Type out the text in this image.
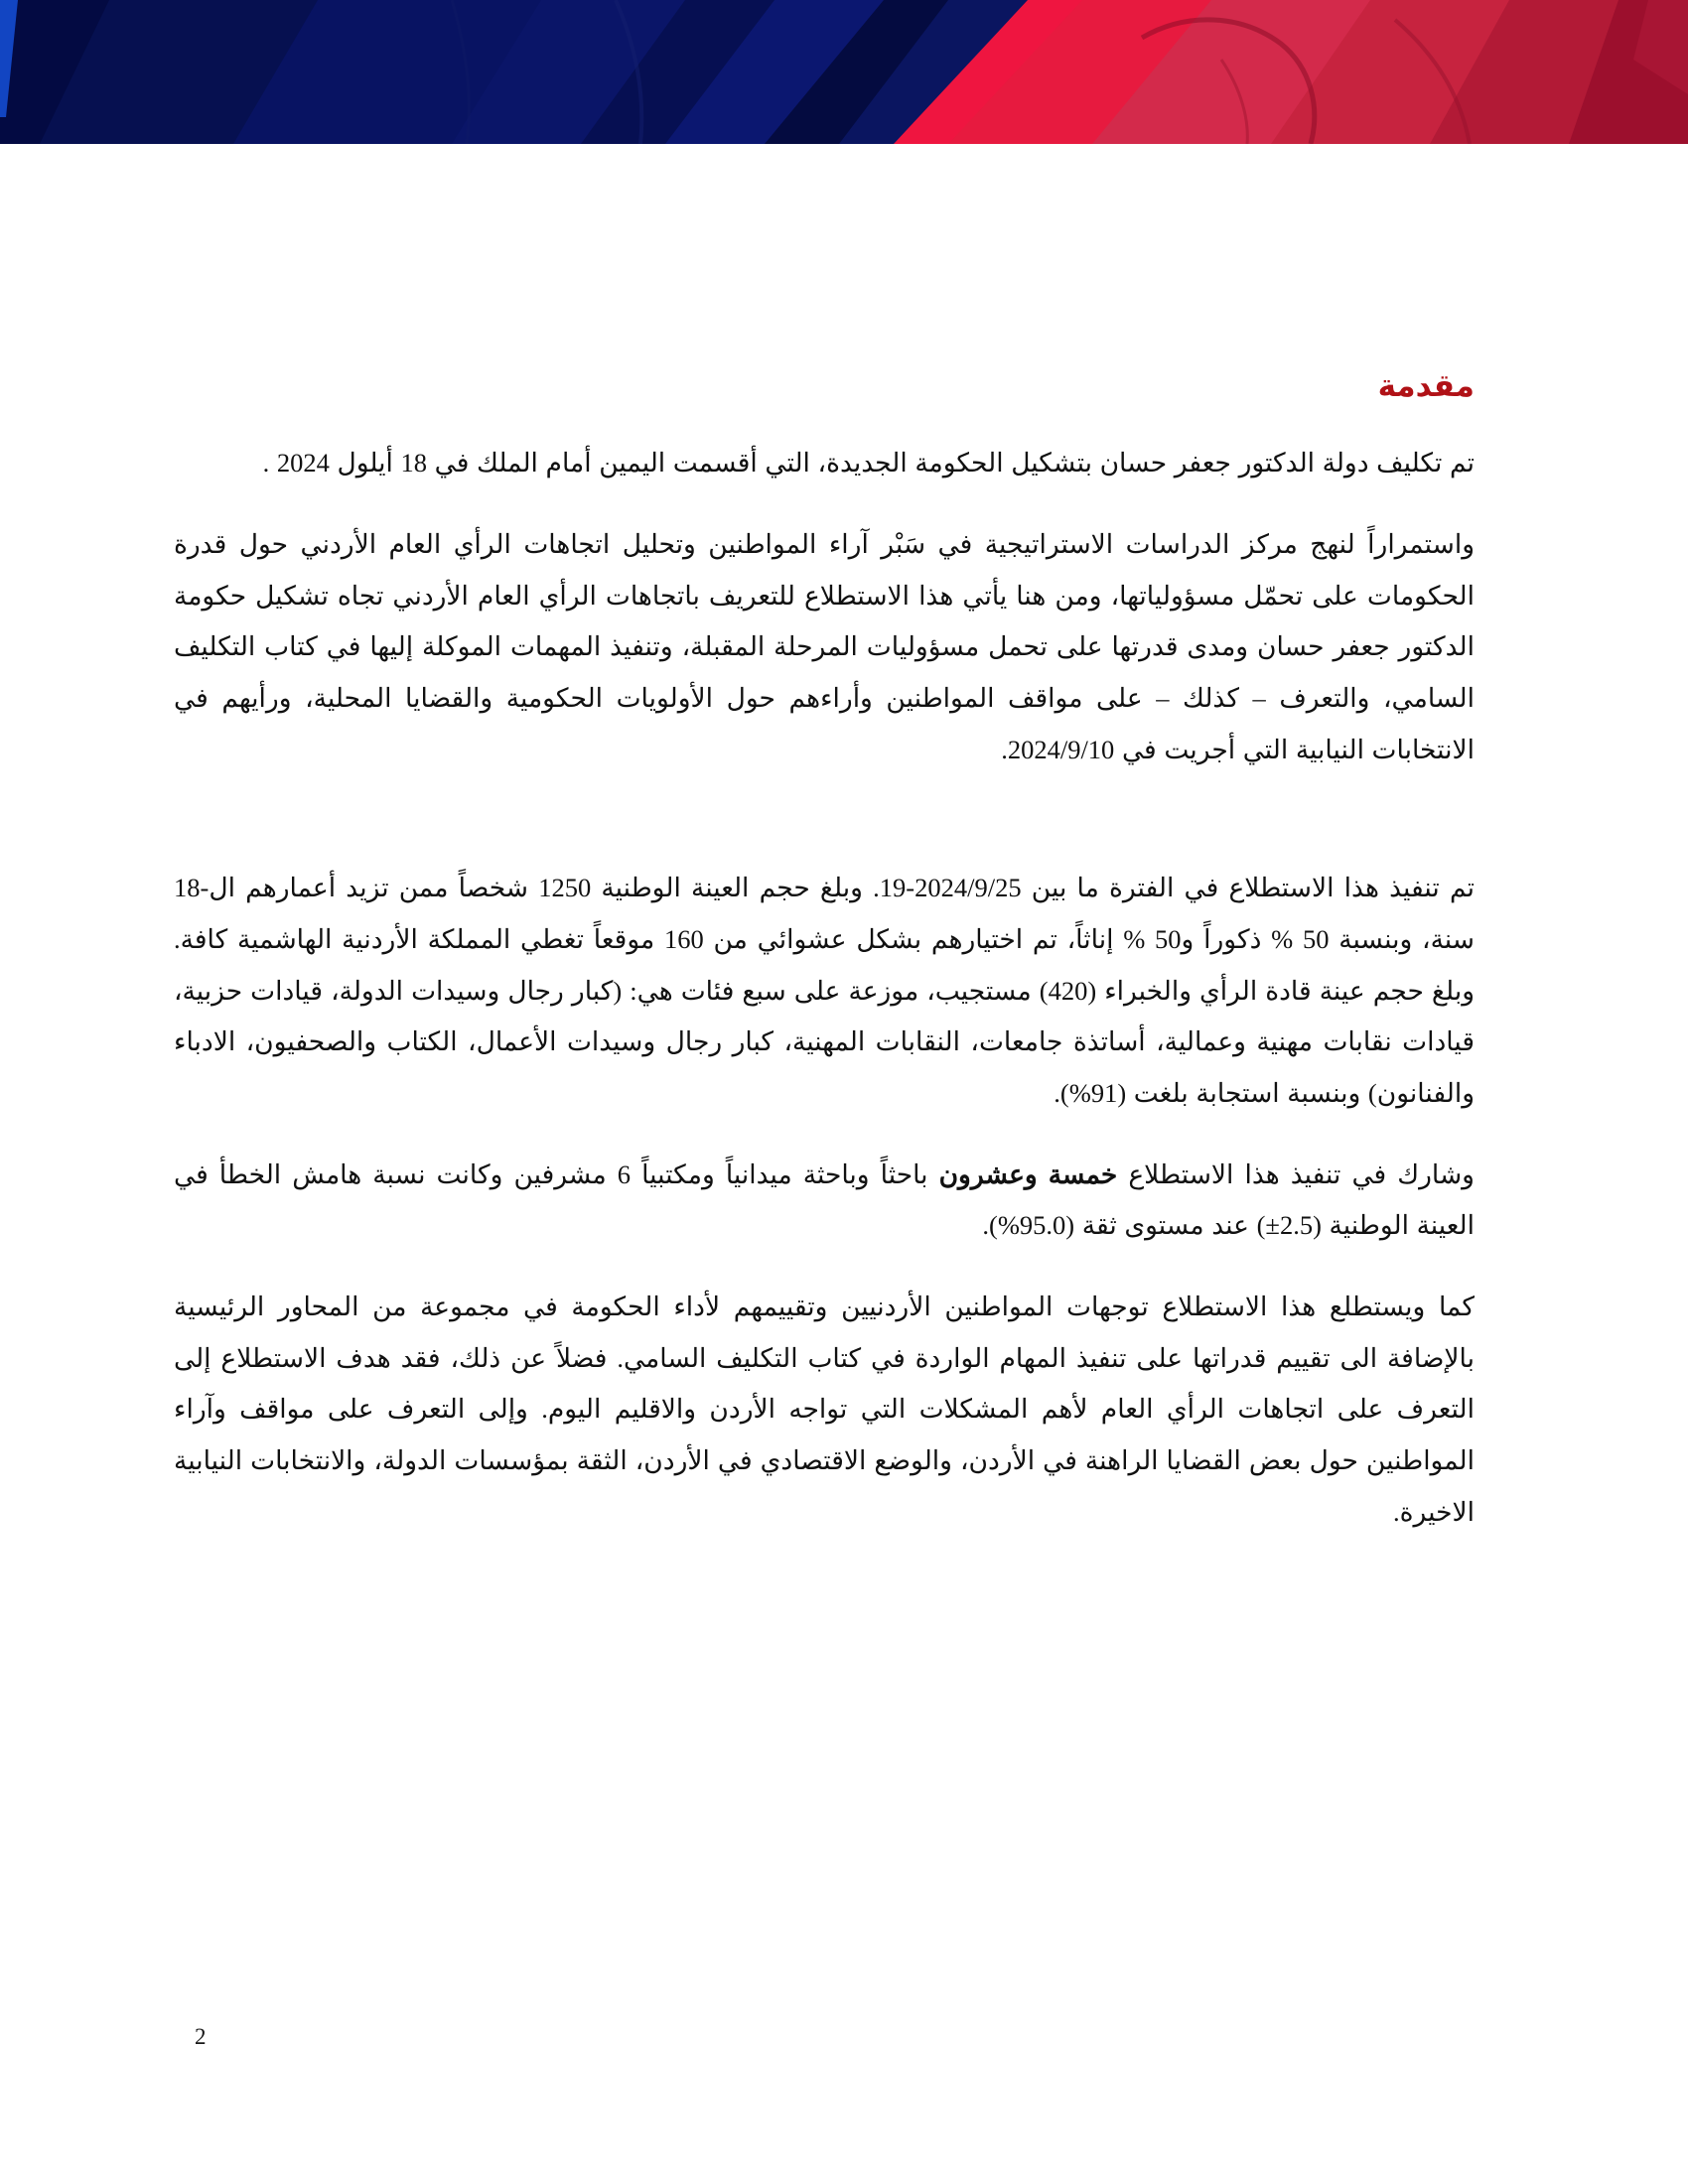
مقدمة

تم تكليف دولة الدكتور جعفر حسان بتشكيل الحكومة الجديدة، التي أقسمت اليمين أمام الملك في 18 أيلول 2024 .

واستمراراً لنهج مركز الدراسات الاستراتيجية في سَبْر آراء المواطنين وتحليل اتجاهات الرأي العام الأردني حول قدرة الحكومات على تحمّل مسؤولياتها، ومن هنا يأتي هذا الاستطلاع للتعريف باتجاهات الرأي العام الأردني تجاه تشكيل حكومة الدكتور جعفر حسان ومدى قدرتها على تحمل مسؤوليات المرحلة المقبلة، وتنفيذ المهمات الموكلة إليها في كتاب التكليف السامي، والتعرف – كذلك – على مواقف المواطنين وأراءهم حول الأولويات الحكومية والقضايا المحلية، ورأيهم في الانتخابات النيابية التي أجريت في 2024/9/10.

تم تنفيذ هذا الاستطلاع في الفترة ما بين 2024/9/25-19. وبلغ حجم العينة الوطنية 1250 شخصاً ممن تزيد أعمارهم ال-18 سنة، وبنسبة 50 % ذكوراً و50 % إناثاً، تم اختيارهم بشكل عشوائي من 160 موقعاً تغطي المملكة الأردنية الهاشمية كافة. وبلغ حجم عينة قادة الرأي والخبراء (420) مستجيب، موزعة على سبع فئات هي: (كبار رجال وسيدات الدولة، قيادات حزبية، قيادات نقابات مهنية وعمالية، أساتذة جامعات، النقابات المهنية، كبار رجال وسيدات الأعمال، الكتاب والصحفيون، الادباء والفنانون) وبنسبة استجابة بلغت (91%).

وشارك في تنفيذ هذا الاستطلاع خمسة وعشرون باحثاً وباحثة ميدانياً ومكتبياً 6 مشرفين وكانت نسبة هامش الخطأ في العينة الوطنية (2.5±) عند مستوى ثقة (95.0%).

كما ويستطلع هذا الاستطلاع توجهات المواطنين الأردنيين وتقييمهم لأداء الحكومة في مجموعة من المحاور الرئيسية بالإضافة الى تقييم قدراتها على تنفيذ المهام الواردة في كتاب التكليف السامي. فضلاً عن ذلك، فقد هدف الاستطلاع إلى التعرف على اتجاهات الرأي العام لأهم المشكلات التي تواجه الأردن والاقليم اليوم. وإلى التعرف على مواقف وآراء المواطنين حول بعض القضايا الراهنة في الأردن، والوضع الاقتصادي في الأردن، الثقة بمؤسسات الدولة، والانتخابات النيابية الاخيرة.

2
